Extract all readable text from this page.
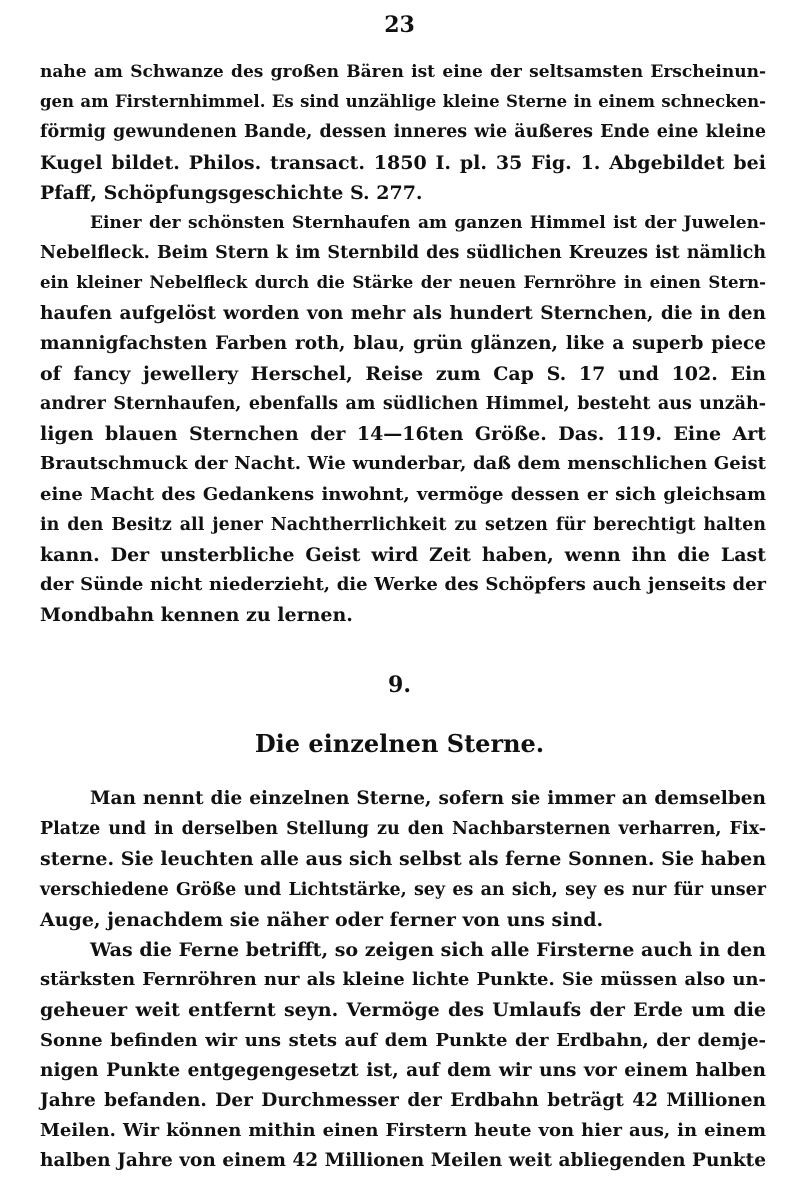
23
nahe am Schwanze des großen Bären ist eine der seltsamsten Erscheinun-
gen am Firsternhimmel. Es sind unzählige kleine Sterne in einem schnecken-
förmig gewundenen Bande, dessen inneres wie äußeres Ende eine kleine
Kugel bildet. Philos. transact. 1850 I. pl. 35 Fig. 1. Abgebildet bei
Pfaff, Schöpfungsgeschichte S. 277.
Einer der schönsten Sternhaufen am ganzen Himmel ist der Juwelen-
Nebelfleck. Beim Stern k im Sternbild des südlichen Kreuzes ist nämlich
ein kleiner Nebelfleck durch die Stärke der neuen Fernröhre in einen Stern-
haufen aufgelöst worden von mehr als hundert Sternchen, die in den
mannigfachsten Farben roth, blau, grün glänzen, like a superb piece
of fancy jewellery Herschel, Reise zum Cap S. 17 und 102. Ein
andrer Sternhaufen, ebenfalls am südlichen Himmel, besteht aus unzäh-
ligen blauen Sternchen der 14—16ten Größe. Das. 119. Eine Art
Brautschmuck der Nacht. Wie wunderbar, daß dem menschlichen Geist
eine Macht des Gedankens inwohnt, vermöge dessen er sich gleichsam
in den Besitz all jener Nachtherrlichkeit zu setzen für berechtigt halten
kann. Der unsterbliche Geist wird Zeit haben, wenn ihn die Last
der Sünde nicht niederzieht, die Werke des Schöpfers auch jenseits der
Mondbahn kennen zu lernen.
9.
Die einzelnen Sterne.
Man nennt die einzelnen Sterne, sofern sie immer an demselben
Platze und in derselben Stellung zu den Nachbarsternen verharren, Fix-
sterne. Sie leuchten alle aus sich selbst als ferne Sonnen. Sie haben
verschiedene Größe und Lichtstärke, sey es an sich, sey es nur für unser
Auge, jenachdem sie näher oder ferner von uns sind.
Was die Ferne betrifft, so zeigen sich alle Firsterne auch in den
stärksten Fernröhren nur als kleine lichte Punkte. Sie müssen also un-
geheuer weit entfernt seyn. Vermöge des Umlaufs der Erde um die
Sonne befinden wir uns stets auf dem Punkte der Erdbahn, der demje-
nigen Punkte entgegengesetzt ist, auf dem wir uns vor einem halben
Jahre befanden. Der Durchmesser der Erdbahn beträgt 42 Millionen
Meilen. Wir können mithin einen Firstern heute von hier aus, in einem
halben Jahre von einem 42 Millionen Meilen weit abliegenden Punkte
